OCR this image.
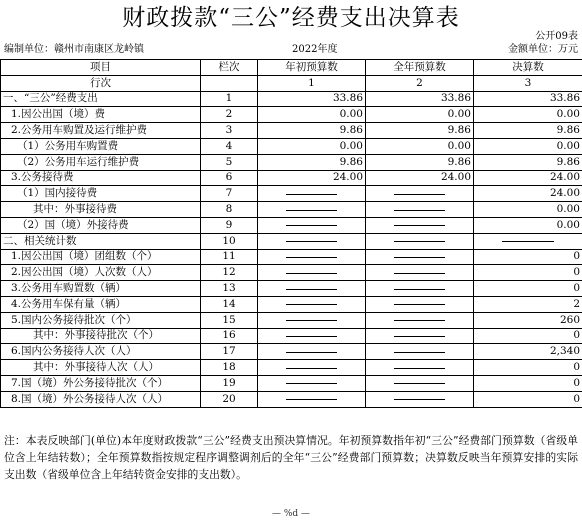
财政拨款“三公”经费支出决算表
公开09表
编制单位：赣州市南康区龙岭镇	2022年度	金额单位：万元
项目	栏次	年初预算数	全年预算数	决算数
行次		1	2	3
一、“三公”经费支出	1	33.86	33.86	33.86
1.因公出国（境）费	2	0.00	0.00	0.00
2.公务用车购置及运行维护费	3	9.86	9.86	9.86
（1）公务用车购置费	4	0.00	0.00	0.00
（2）公务用车运行维护费	5	9.86	9.86	9.86
3.公务接待费	6	24.00	24.00	24.00
（1）国内接待费	7			24.00
其中：外事接待费	8			0.00
（2）国（境）外接待费	9			0.00
二、相关统计数	10	

1.因公出国（境）团组数（个）	11			0
2.因公出国（境）人次数（人）	12			0
3.公务用车购置数（辆）	13			0
4.公务用车保有量（辆）	14			2
5.国内公务接待批次（个）	15			260
其中：外事接待批次（个）	16			0
6.国内公务接待人次（人）	17			2,340
其中：外事接待人次（人）	18			0
7.国（境）外公务接待批次（个）	19			0
8.国（境）外公务接待人次（人）	20			0
注：本表反映部门(单位)本年度财政拨款“三公”经费支出预决算情况。年初预算数指年初“三公”经费部门预算数（省级单位含上年结转数）；全年预算数指按规定程序调整调剂后的全年“三公”经费部门预算数；决算数反映当年预算安排的实际支出数（省级单位含上年结转资金安排的支出数）。
— %d —
